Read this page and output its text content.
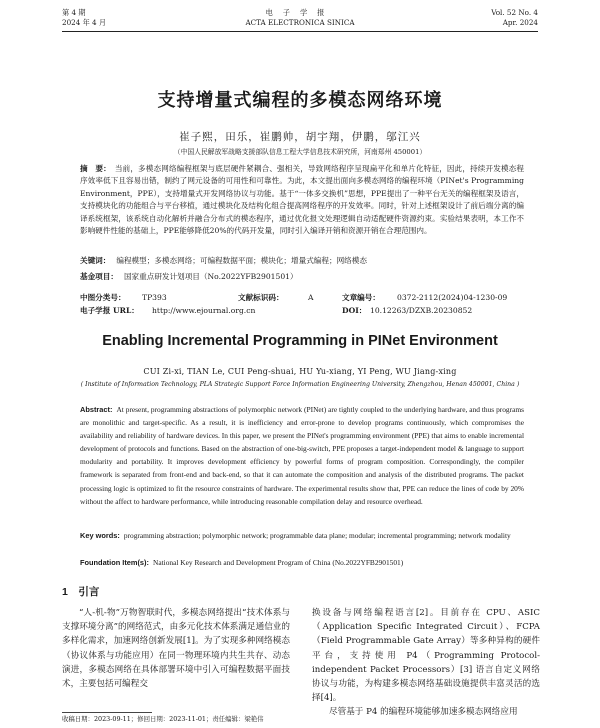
第 4 期
2024 年 4 月
电子学报
ACTA ELECTRONICA SINICA
Vol. 52 No. 4
Apr. 2024
支持增量式编程的多模态网络环境
崔子熙，田乐，崔鹏帅，胡宇翔，伊鹏，邬江兴
（中国人民解放军战略支援部队信息工程大学信息技术研究所，河南郑州 450001）
摘　要： 当前，多模态网络编程框架与底层硬件紧耦合、强相关，导致网络程序呈现扁平化和单片化特征，因此，持续开发模态程序效率低下且容易出错，制约了网元设备的可用性和可靠性。为此，本文提出面向多模态网络的编程环境（PINet's Programming Environment，PPE），支持增量式开发网络协议与功能。基于“一体多交换机”思想，PPE提出了一种平台无关的编程框架及语言，支持模块化的功能组合与平台移植，通过模块化及结构化组合提高网络程序的开发效率。同时，针对上述框架设计了前后端分离的编译系统框架，该系统自动化解析并融合分布式的模态程序，通过优化报文处理逻辑自动适配硬件资源约束。实验结果表明，本工作不影响硬件性能的基础上，PPE能够降低20%的代码开发量，同时引入编译开销和资源开销在合理范围内。
关键词： 编程模型；多模态网络；可编程数据平面；模块化；增量式编程；网络模态
基金项目： 国家重点研发计划项目（No.2022YFB2901501）
中图分类号： TP393	文献标识码：	A	文章编号： 0372-2112(2024)04-1230-09
电子学报 URL： http://www.ejournal.org.cn	DOI： 10.12263/DZXB.20230852
Enabling Incremental Programming in PINet Environment
CUI Zi-xi, TIAN Le, CUI Peng-shuai, HU Yu-xiang, YI Peng, WU Jiang-xing
( Institute of Information Technology, PLA Strategic Support Force Information Engineering University, Zhengzhou, Henan 450001, China )
Abstract: At present, programming abstractions of polymorphic network (PINet) are tightly coupled to the underlying hardware, and thus programs are monolithic and target-specific. As a result, it is inefficiency and error-prone to develop programs continuously, which compromises the availability and reliability of hardware devices. In this paper, we present the PINet's programming environment (PPE) that aims to enable incremental development of protocols and functions. Based on the abstraction of one-big-switch, PPE proposes a target-independent model & language to support modularity and portability. It improves development efficiency by powerful forms of program composition. Correspondingly, the compiler framework is separated from front-end and back-end, so that it can automate the composition and analysis of the distributed programs. The packet processing logic is optimized to fit the resource constraints of hardware. The experimental results show that, PPE can reduce the lines of code by 20% without the affect to hardware performance, while introducing reasonable compilation delay and resource overhead.
Key words: programming abstraction; polymorphic network; programmable data plane; modular; incremental programming; network modality
Foundation Item(s): National Key Research and Development Program of China (No.2022YFB2901501)
1　引言
“人-机-物”万物智联时代，多模态网络提出“技术体系与支撑环境分离”的网络范式，由多元化技术体系满足通信业的多样化需求，加速网络创新发展[1]。为了实现多种网络模态（协议体系与功能应用）在同一物理环境内共生共存、动态演进，多模态网络在具体部署环境中引入可编程数据平面技术，主要包括可编程交
换设备与网络编程语言[2]。目前存在 CPU、ASIC（Application Specific Integrated Circuit）、FCPA（Field Programmable Gate Array）等多种异构的硬件平台，支持使用 P4（Programming Protocol-independent Packet Processors）[3] 语言自定义网络协议与功能，为构建多模态网络基础设施提供丰富灵活的选择[4]。
尽管基于 P4 的编程环境能够加速多模态网络应用
收稿日期：2023-09-11；修回日期：2023-11-01；责任编辑：梁艳伟
